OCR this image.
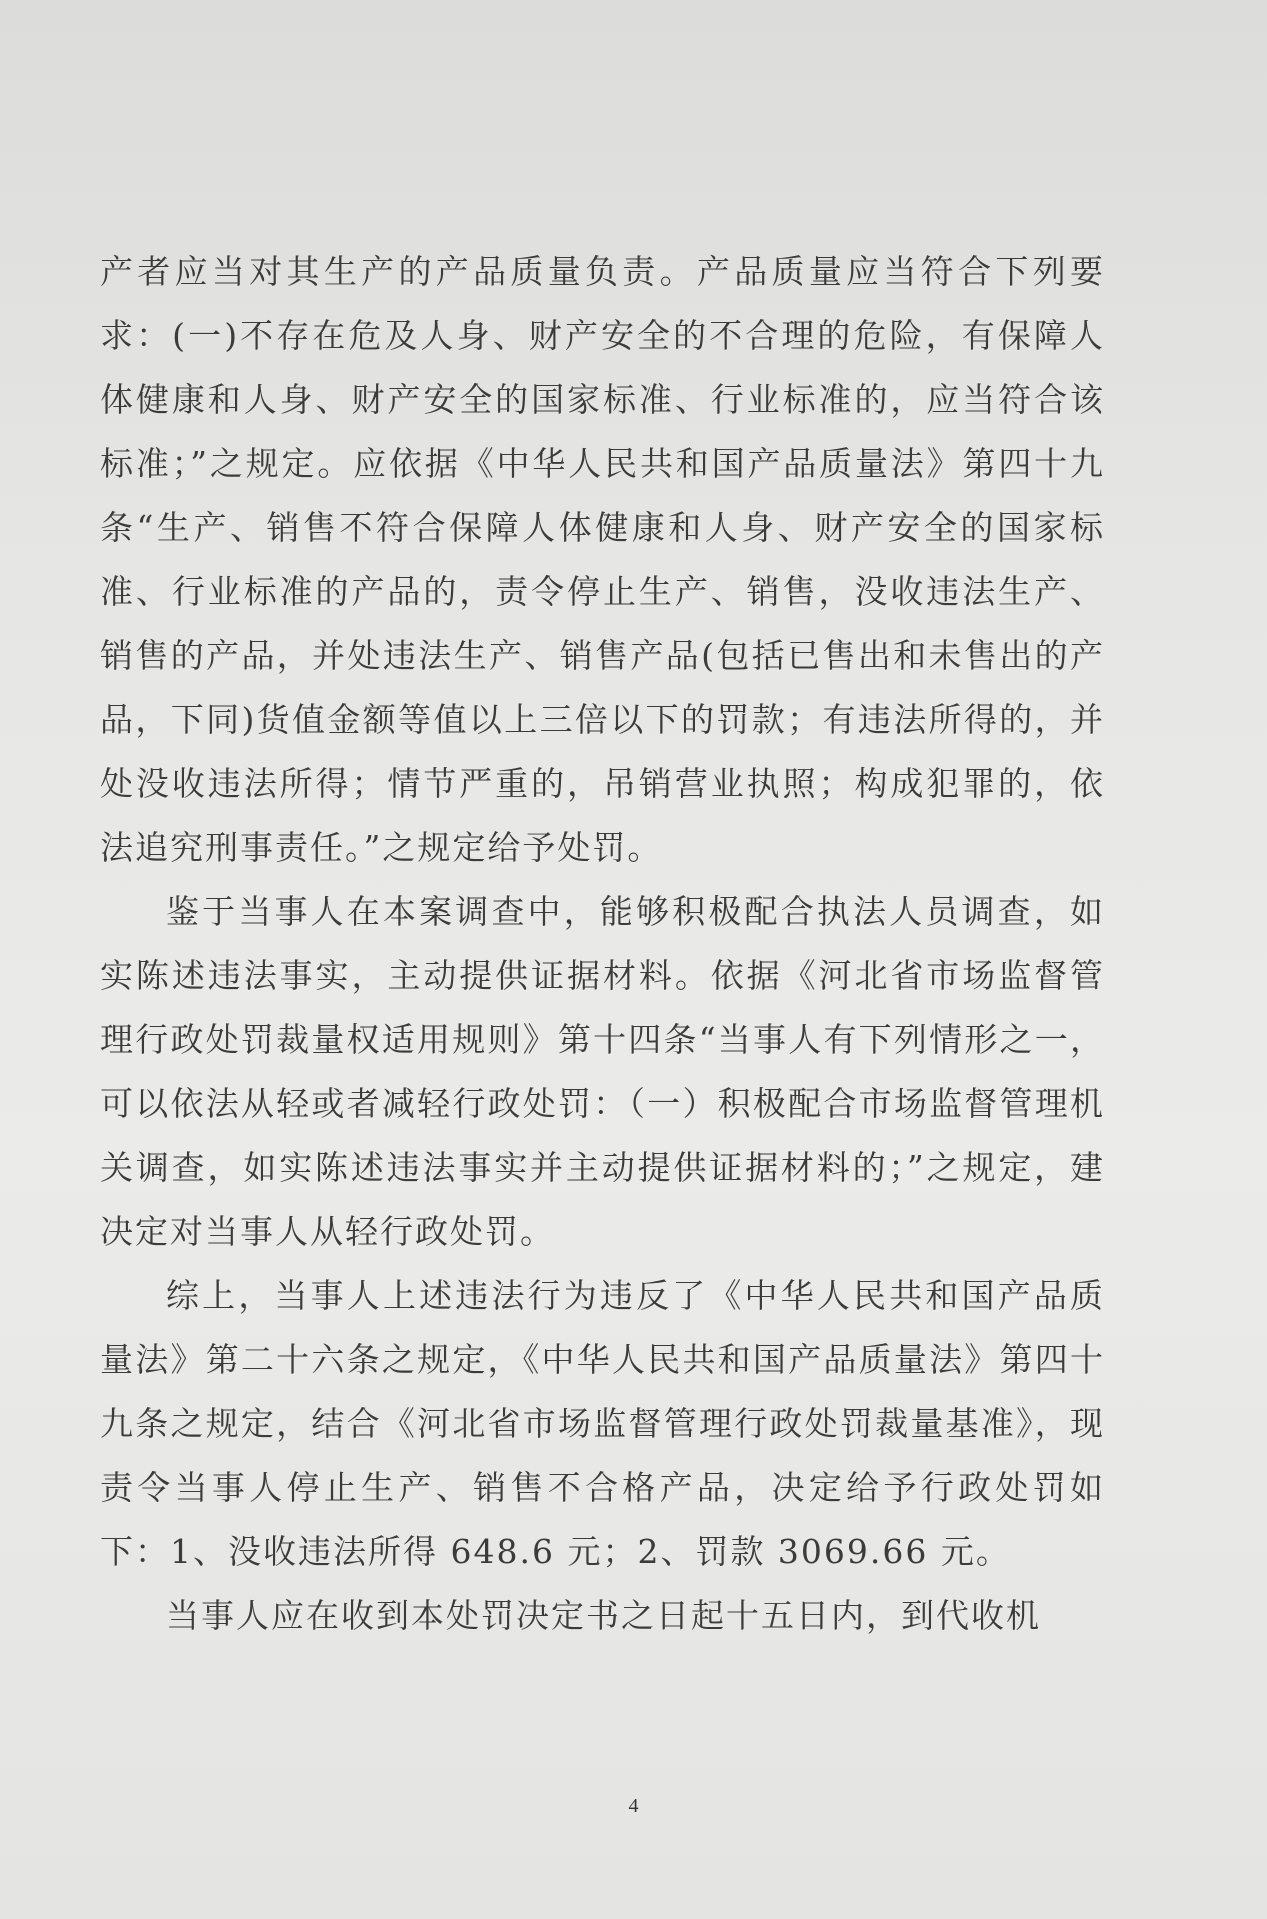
产者应当对其生产的产品质量负责。产品质量应当符合下列要求：(一)不存在危及人身、财产安全的不合理的危险，有保障人体健康和人身、财产安全的国家标准、行业标准的，应当符合该标准；”之规定。应依据《中华人民共和国产品质量法》第四十九条“生产、销售不符合保障人体健康和人身、财产安全的国家标准、行业标准的产品的，责令停止生产、销售，没收违法生产、销售的产品，并处违法生产、销售产品(包括已售出和未售出的产品，下同)货值金额等值以上三倍以下的罚款；有违法所得的，并处没收违法所得；情节严重的，吊销营业执照；构成犯罪的，依法追究刑事责任。”之规定给予处罚。

鉴于当事人在本案调查中，能够积极配合执法人员调查，如实陈述违法事实，主动提供证据材料。依据《河北省市场监督管理行政处罚裁量权适用规则》第十四条“当事人有下列情形之一，可以依法从轻或者减轻行政处罚：（一）积极配合市场监督管理机关调查，如实陈述违法事实并主动提供证据材料的；”之规定，建决定对当事人从轻行政处罚。

综上，当事人上述违法行为违反了《中华人民共和国产品质量法》第二十六条之规定，《中华人民共和国产品质量法》第四十九条之规定，结合《河北省市场监督管理行政处罚裁量基准》，现责令当事人停止生产、销售不合格产品，决定给予行政处罚如下：1、没收违法所得 648.6 元；2、罚款 3069.66 元。

当事人应在收到本处罚决定书之日起十五日内，到代收机

4
